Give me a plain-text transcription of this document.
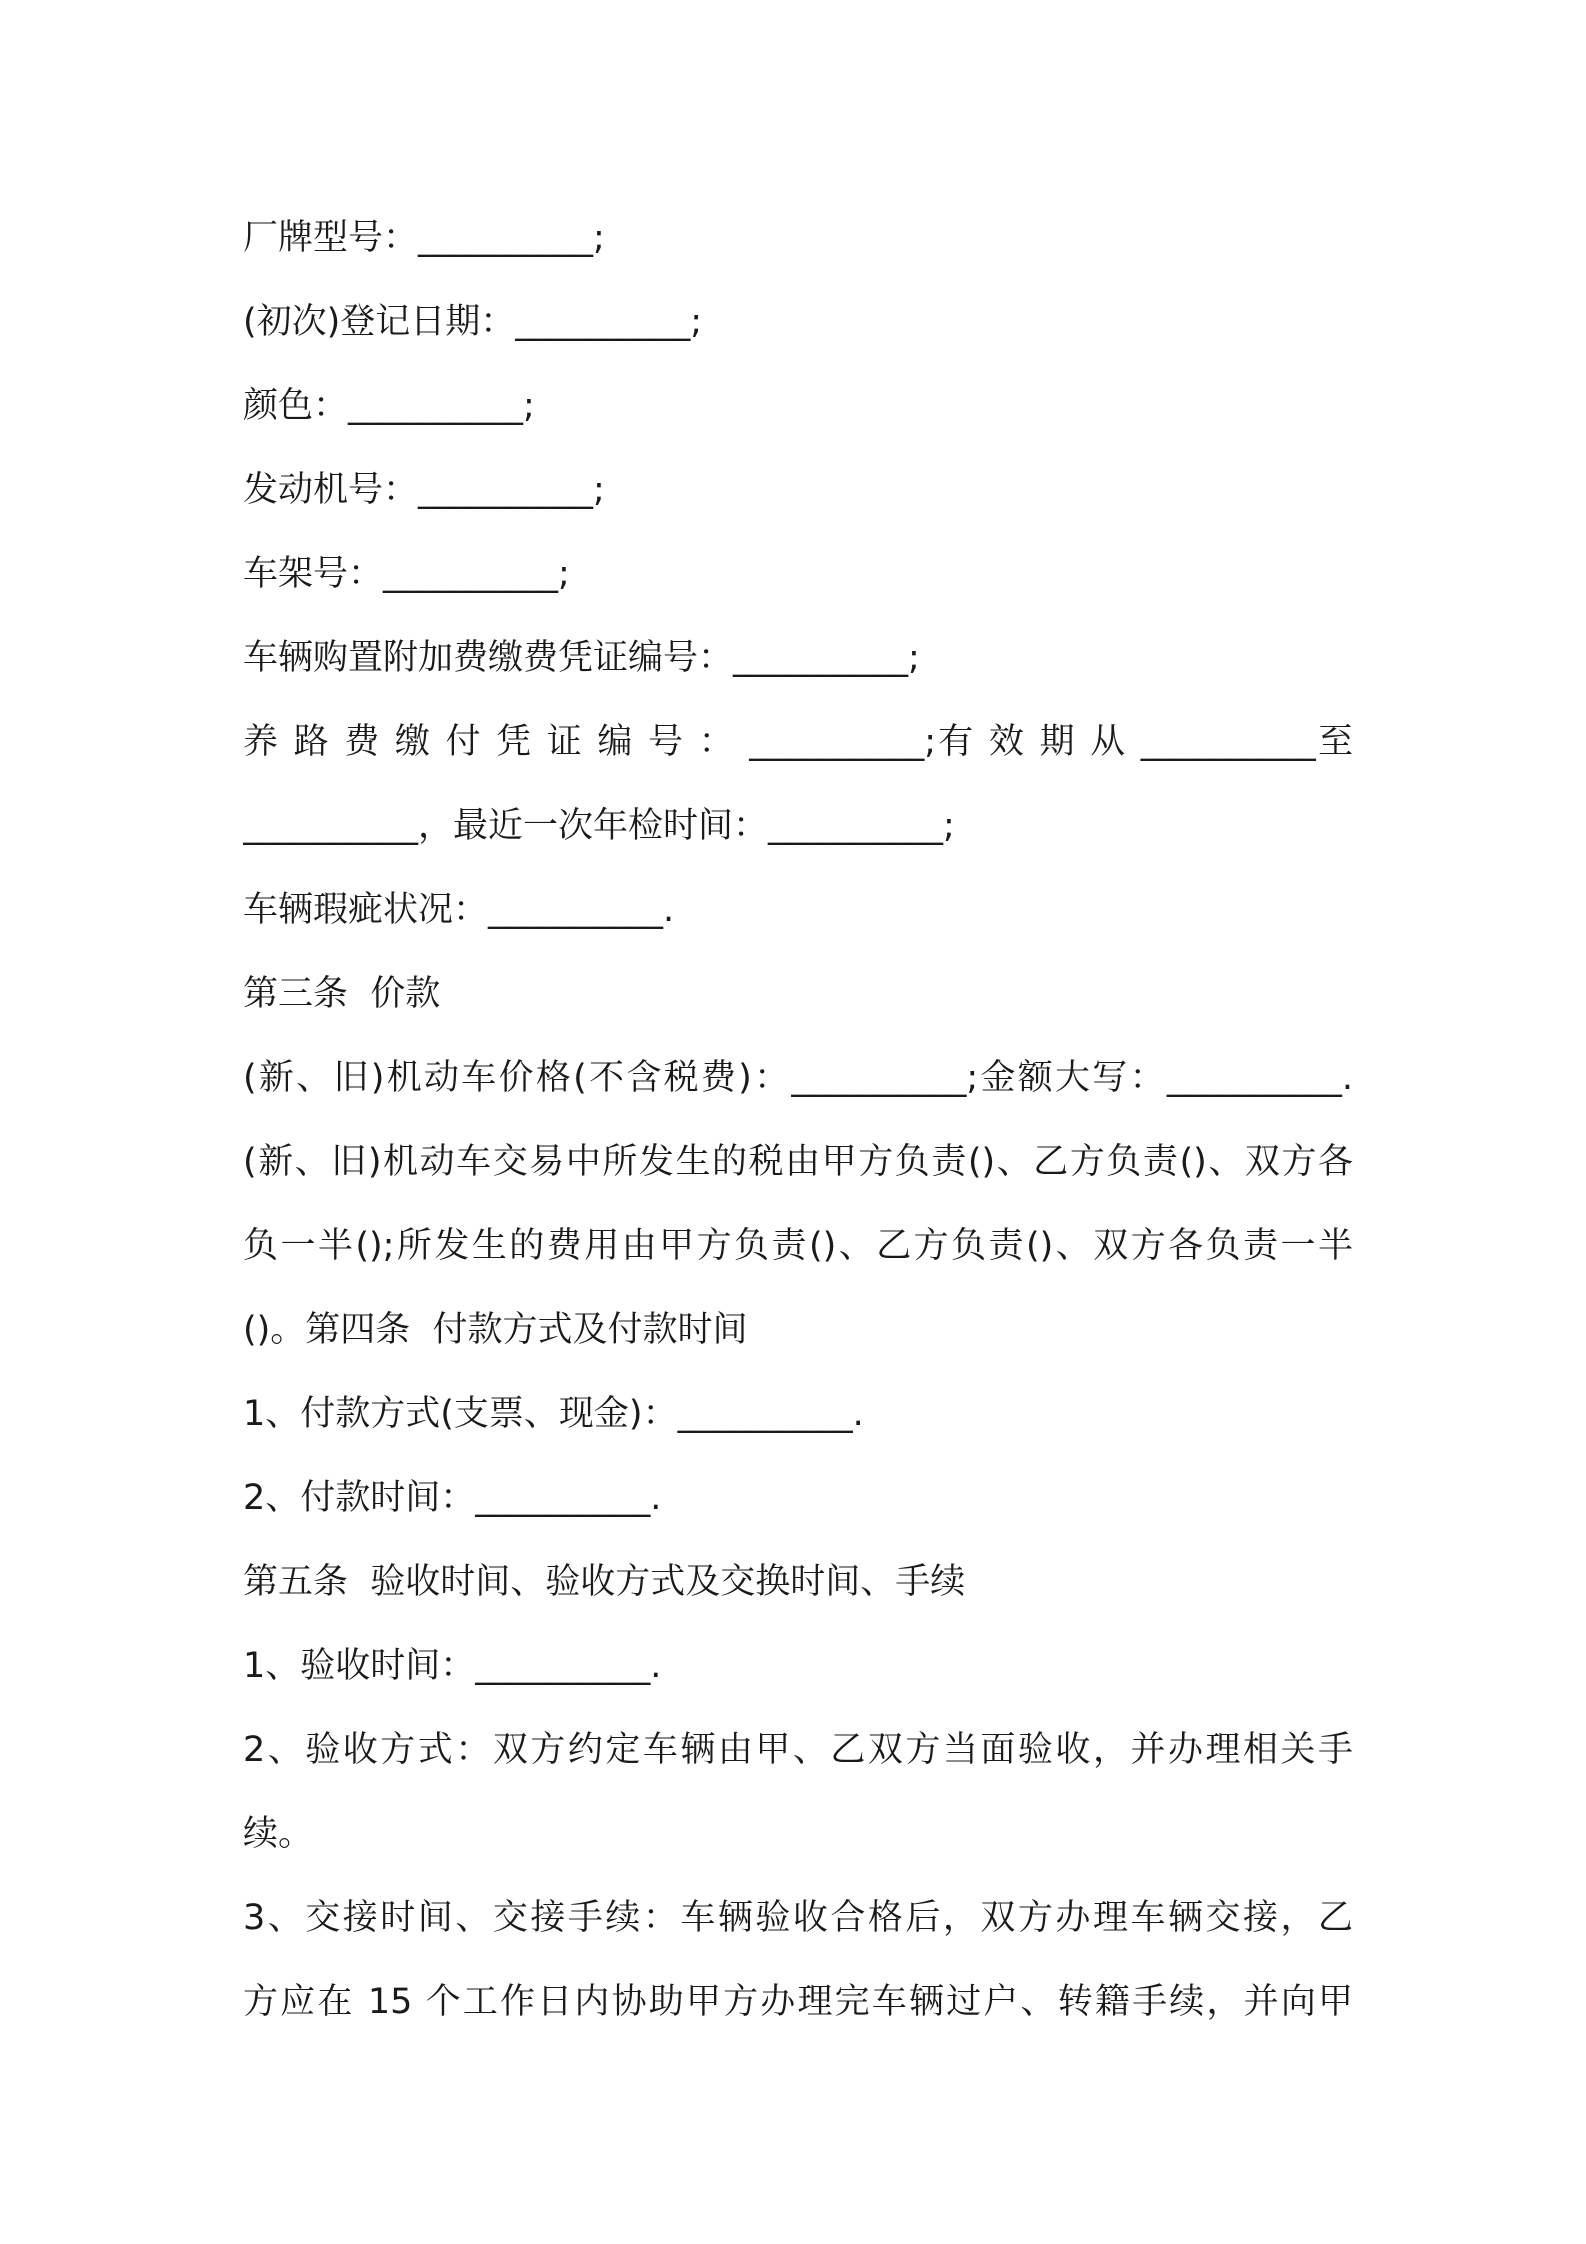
厂牌型号：__________;
(初次)登记日期：__________;
颜色：__________;
发动机号：__________;
车架号：__________;
车辆购置附加费缴费凭证编号：__________;
养 路 费 缴 付 凭 证 编 号 ： __________;有 效 期 从 __________至
__________，最近一次年检时间：__________;
车辆瑕疵状况：__________.
第三条  价款
(新、旧)机动车价格(不含税费)：__________;金额大写：__________.
(新、旧)机动车交易中所发生的税由甲方负责()、乙方负责()、双方各
负一半();所发生的费用由甲方负责()、乙方负责()、双方各负责一半
()。第四条  付款方式及付款时间
1、付款方式(支票、现金)：__________.
2、付款时间：__________.
第五条  验收时间、验收方式及交换时间、手续
1、验收时间：__________.
2、验收方式：双方约定车辆由甲、乙双方当面验收，并办理相关手
续。
3、交接时间、交接手续：车辆验收合格后，双方办理车辆交接，乙
方应在 15 个工作日内协助甲方办理完车辆过户、转籍手续，并向甲
